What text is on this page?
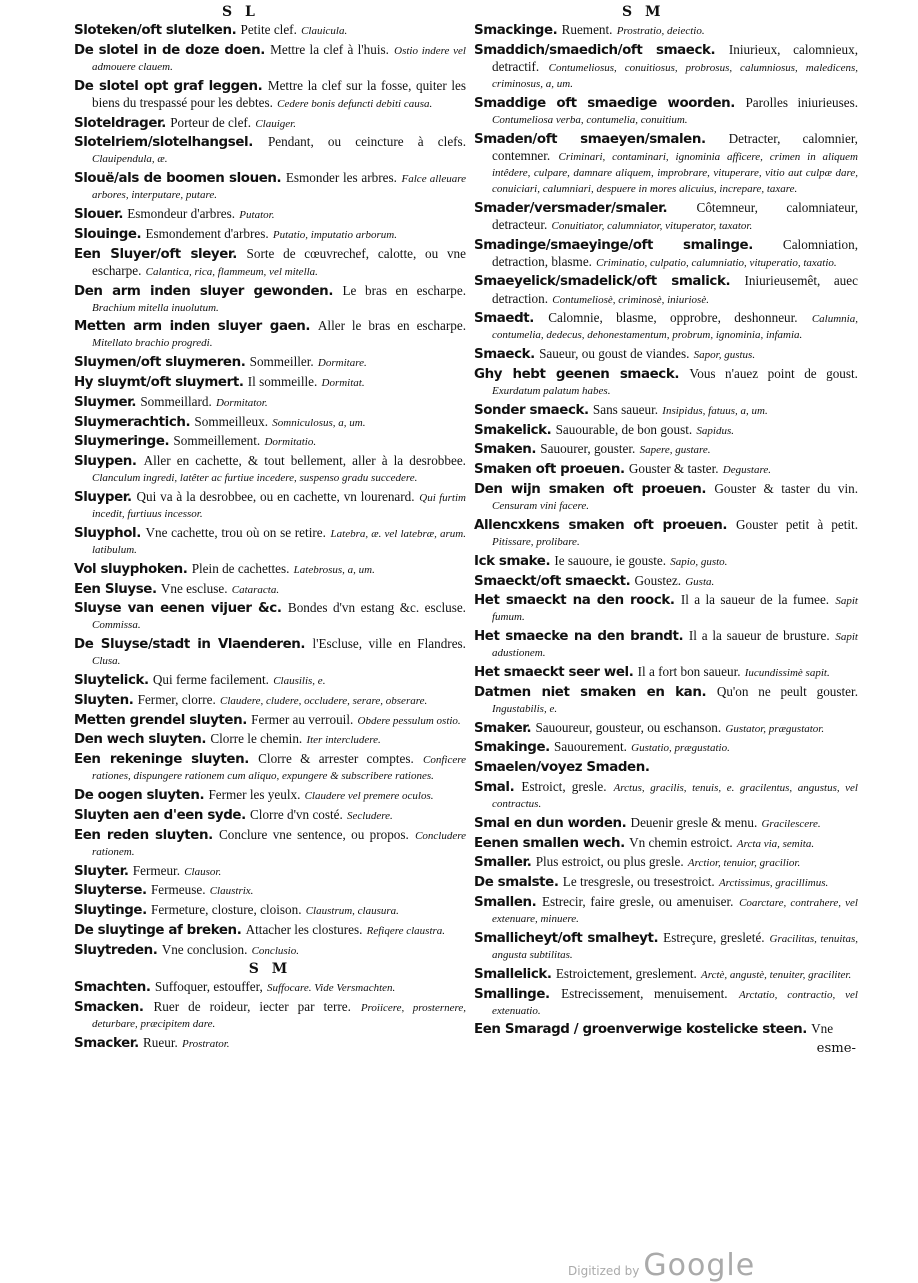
S L	S M

Sloteken/oft slutelken. Petite clef. Clauicula.

De slotel in de doze doen. Mettre la clef à l'huis. Ostio indere vel admouere clauem.

De slotel opt graf leggen. Mettre la clef sur la fosse, quiter les biens du trespassé pour les debtes. Cedere bonis defuncti debiti causa.

Sloteldrager. Porteur de clef. Clauiger.

Slotelriem/slotelhangsel. Pendant, ou ceincture à clefs. Clauipendula, æ.

Slouë/als de boomen slouen. Esmonder les arbres. Falce alleuare arbores, interputare, putare.

Slouer. Esmondeur d'arbres. Putator.

Slouinge. Esmondement d'arbres. Putatio, imputatio arborum.

Een Sluyer/oft sleyer. Sorte de cœuvrechef, calotte, ou vne escharpe. Calantica, rica, flammeum, vel mitella.

Den arm inden sluyer gewonden. Le bras en escharpe. Brachium mitella inuolutum.

Metten arm inden sluyer gaen. Aller le bras en escharpe. Mitellato brachio progredi.

Sluymen/oft sluymeren. Sommeiller. Dormitare.

Hy sluymt/oft sluymert. Il sommeille. Dormitat.

Sluymer. Sommeillard. Dormitator.

Sluymerachtich. Sommeilleux. Somniculosus, a, um.

Sluymeringe. Sommeillement. Dormitatio.

Sluypen. Aller en cachette, & tout bellement, aller à la desrobbee. Clanculum ingredi, latêter ac furtiue incedere, suspenso gradu succedere.

Sluyper. Qui va à la desrobbee, ou en cachette, vn lourenard. Qui furtim incedit, furtiuus incessor.

Sluyphol. Vne cachette, trou où on se retire. Latebra, æ. vel latebræ, arum. latibulum.

Vol sluyphoken. Plein de cachettes. Latebrosus, a, um.

Een Sluyse. Vne escluse. Cataracta.

Sluyse van eenen vijuer &c. Bondes d'vn estang &c. escluse. Commissa.

De Sluyse/stadt in Vlaenderen. l'Escluse, ville en Flandres. Clusa.

Sluytelick. Qui ferme facilement. Clausilis, e.

Sluyten. Fermer, clorre. Claudere, cludere, occludere, serare, obserare.

Metten grendel sluyten. Fermer au verrouil. Obdere pessulum ostio.

Den wech sluyten. Clorre le chemin. Iter intercludere.

Een rekeninge sluyten. Clorre & arrester comptes. Conficere rationes, dispungere rationem cum aliquo, expungere & subscribere rationes.

De oogen sluyten. Fermer les yeulx. Claudere vel premere oculos.

Sluyten aen d'een syde. Clorre d'vn costé. Secludere.

Een reden sluyten. Conclure vne sentence, ou propos. Concludere rationem.

Sluyter. Fermeur. Clausor.

Sluyterse. Fermeuse. Claustrix.

Sluytinge. Fermeture, closture, cloison. Claustrum, clausura.

De sluytinge af breken. Attacher les clostures. Refiqere claustra.

Sluytreden. Vne conclusion. Conclusio.

S M

Smachten. Suffoquer, estouffer, Suffocare. Vide Versmachten.

Smacken. Ruer de roideur, iecter par terre. Proiicere, prosternere, deturbare, præcipitem dare.

Smacker. Rueur. Prostrator.

Smackinge. Ruement. Prostratio, deiectio.

Smaddich/smaedich/oft smaeck. Iniurieux, calomnieux, detractif. Contumeliosus, conuitiosus, probrosus, calumniosus, maledicens, criminosus, a, um.

Smaddige oft smaedige woorden. Parolles iniurieuses. Contumeliosa verba, contumelia, conuitium.

Smaden/oft smaeyen/smalen. Detracter, calomnier, contemner. Criminari, contaminari, ignominia afficere, crimen in aliquem intêdere, culpare, damnare aliquem, improbrare, vituperare, vitio aut culpæ dare, conuiciari, calumniari, despuere in mores alicuius, increpare, taxare.

Smader/versmader/smaler. Côtemneur, calomniateur, detracteur. Conuitiator, calumniator, vituperator, taxator.

Smadinge/smaeyinge/oft smalinge. Calomniation, detraction, blasme. Criminatio, culpatio, calumniatio, vituperatio, taxatio.

Smaeyelick/smadelick/oft smalick. Iniurieusemêt, auec detraction. Contumeliosè, criminosè, iniuriosè.

Smaedt. Calomnie, blasme, opprobre, deshonneur. Calumnia, contumelia, dedecus, dehonestamentum, probrum, ignominia, infamia.

Smaeck. Saueur, ou goust de viandes. Sapor, gustus.

Ghy hebt geenen smaeck. Vous n'auez point de goust. Exurdatum palatum habes.

Sonder smaeck. Sans saueur. Insipidus, fatuus, a, um.

Smakelick. Sauourable, de bon goust. Sapidus.

Smaken. Sauourer, gouster. Sapere, gustare.

Smaken oft proeuen. Gouster & taster. Degustare.

Den wijn smaken oft proeuen. Gouster & taster du vin. Censuram vini facere.

Allencxkens smaken oft proeuen. Gouster petit à petit. Pitissare, prolibare.

Ick smake. Ie sauoure, ie gouste. Sapio, gusto.

Smaeckt/oft smaeckt. Goustez. Gusta.

Het smaeckt na den roock. Il a la saueur de la fumee. Sapit fumum.

Het smaecke na den brandt. Il a la saueur de brusture. Sapit adustionem.

Het smaeckt seer wel. Il a fort bon saueur. Iucundissimè sapit.

Datmen niet smaken en kan. Qu'on ne peult gouster. Ingustabilis, e.

Smaker. Sauoureur, gousteur, ou eschanson. Gustator, prægustator.

Smakinge. Sauourement. Gustatio, prægustatio.

Smaelen/voyez Smaden.

Smal. Estroict, gresle. Arctus, gracilis, tenuis, e. gracilentus, angustus, vel contractus.

Smal en dun worden. Deuenir gresle & menu. Gracilescere.

Eenen smallen wech. Vn chemin estroict. Arcta via, semita.

Smaller. Plus estroict, ou plus gresle. Arctior, tenuior, gracilior.

De smalste. Le tresgresle, ou tresestroict. Arctissimus, gracillimus.

Smallen. Estrecir, faire gresle, ou amenuiser. Coarctare, contrahere, vel extenuare, minuere.

Smallicheyt/oft smalheyt. Estreçure, gresleté. Gracilitas, tenuitas, angusta subtilitas.

Smallelick. Estroictement, greslement. Arctè, angustè, tenuiter, graciliter.

Smallinge. Estrecissement, menuisement. Arctatio, contractio, vel extenuatio.

Een Smaragd / groenverwige kostelicke steen. Vne

esme-
Digitized by Google
